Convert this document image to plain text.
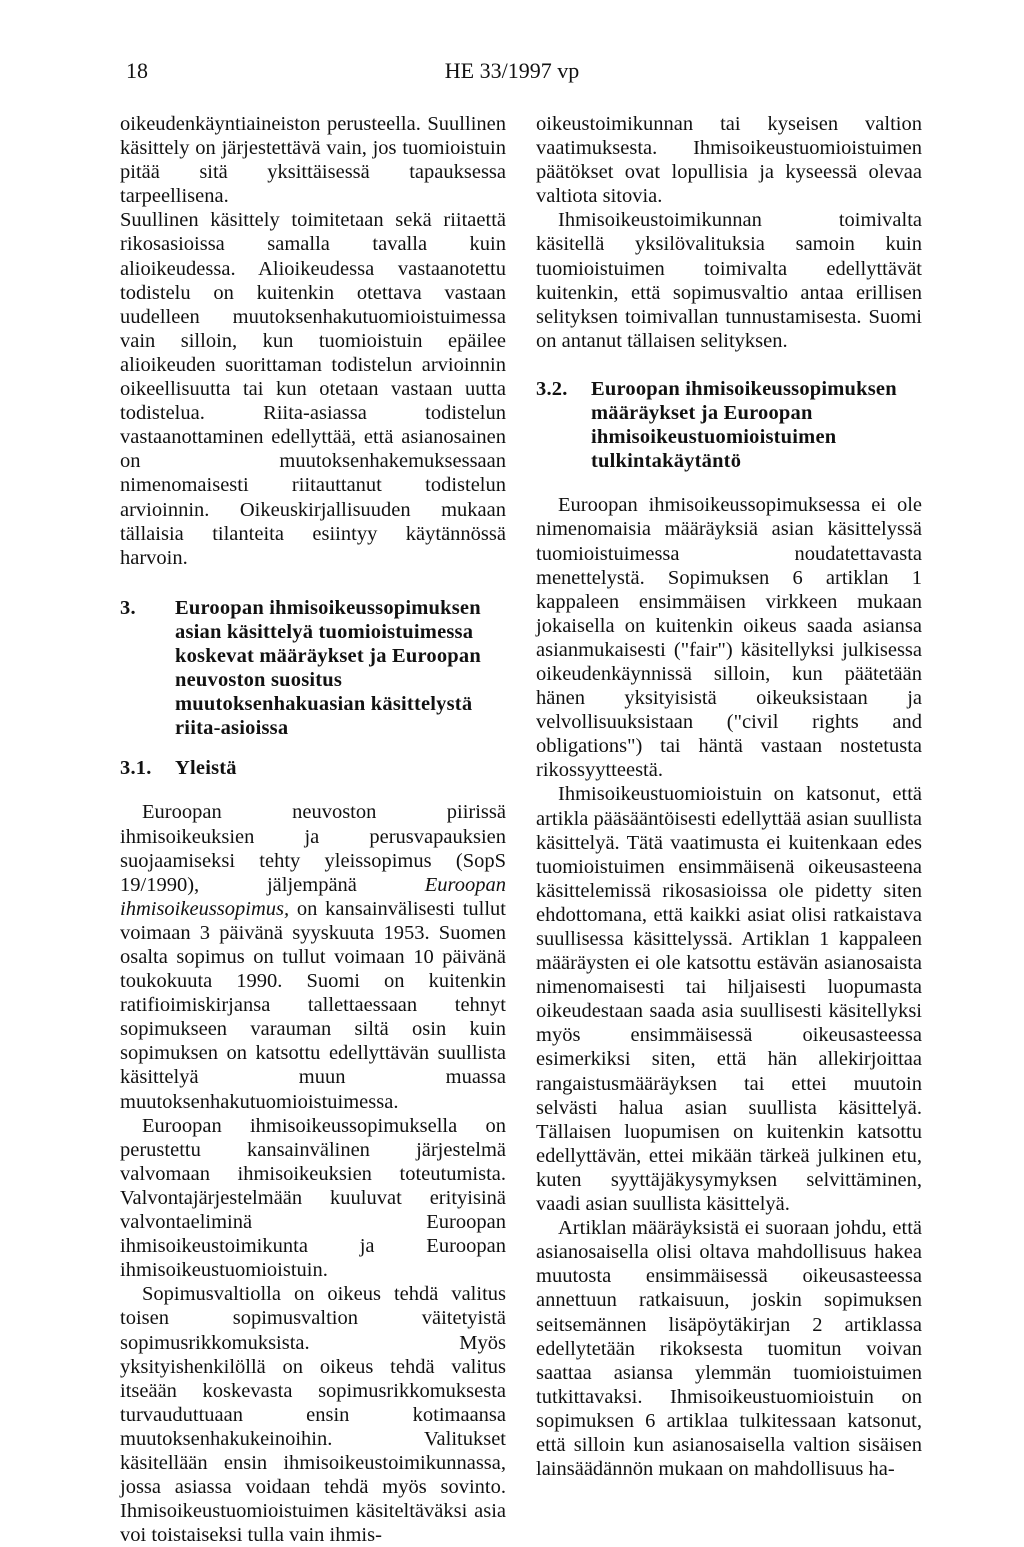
18	HE 33/1997 vp

oikeudenkäyntiaineiston perusteella. Suullinen käsittely on järjestettävä vain, jos tuomioistuin pitää sitä yksittäisessä tapauksessa tarpeellisena.

Suullinen käsittely toimitetaan sekä riitaettä rikosasioissa samalla tavalla kuin alioikeudessa. Alioikeudessa vastaanotettu todistelu on kuitenkin otettava vastaan uudelleen muutoksenhakutuomioistuimessa vain silloin, kun tuomioistuin epäilee alioikeuden suorittaman todistelun arvioinnin oikeellisuutta tai kun otetaan vastaan uutta todistelua. Riita-asiassa todistelun vastaanottaminen edellyttää, että asianosainen on muutoksenhakemuksessaan nimenomaisesti riitauttanut todistelun arvioinnin. Oikeuskirjallisuuden mukaan tällaisia tilanteita esiintyy käytännössä harvoin.

3.	Euroopan ihmisoikeussopimuksen asian käsittelyä tuomioistuimessa koskevat määräykset ja Euroopan neuvoston suositus muutoksenhakuasian käsittelystä riita-asioissa
3.1.	Yleistä

Euroopan neuvoston piirissä ihmisoikeuksien ja perusvapauksien suojaamiseksi tehty yleissopimus (SopS 19/1990), jäljempänä	Euroopan ihmisoikeussopimus, on kansainvälisesti tullut voimaan 3 päivänä syyskuuta 1953. Suomen osalta sopimus on tullut voimaan 10 päivänä toukokuuta 1990. Suomi on kuitenkin ratifioimiskirjansa tallettaessaan tehnyt sopimukseen varauman siltä osin kuin sopimuksen on katsottu edellyttävän suullista käsittelyä muun muassa muutoksenhakutuomioistuimessa.

Euroopan ihmisoikeussopimuksella on perustettu kansainvälinen järjestelmä valvomaan ihmisoikeuksien toteutumista. Valvontajärjestelmään kuuluvat erityisinä valvontaeliminä Euroopan ihmisoikeustoimikunta ja Euroopan ihmisoikeustuomioistuin.

Sopimusvaltiolla on oikeus tehdä valitus toisen sopimusvaltion väitetyistä sopimusrikkomuksista. Myös yksityishenkilöllä on oikeus tehdä valitus itseään koskevasta sopimusrikkomuksesta turvauduttuaan ensin kotimaansa muutoksenhakukeinoihin. Valitukset käsitellään ensin ihmisoikeustoimikunnassa, jossa asiassa voidaan tehdä myös sovinto. Ihmisoikeustuomioistuimen käsiteltäväksi asia voi toistaiseksi tulla vain ihmis-

oikeustoimikunnan tai kyseisen valtion vaatimuksesta. Ihmisoikeustuomioistuimen päätökset ovat lopullisia ja kyseessä olevaa valtiota sitovia.

Ihmisoikeustoimikunnan toimivalta käsitellä yksilövalituksia samoin kuin tuomioistuimen toimivalta edellyttävät kuitenkin, että sopimusvaltio antaa erillisen selityksen toimivallan tunnustamisesta. Suomi on antanut tällaisen selityksen.

3.2.	Euroopan ihmisoikeussopimuksen määräykset ja Euroopan ihmisoikeustuomioistuimen tulkintakäytäntö

Euroopan ihmisoikeussopimuksessa ei ole nimenomaisia määräyksiä asian käsittelyssä tuomioistuimessa noudatettavasta menettelystä. Sopimuksen 6 artiklan 1 kappaleen ensimmäisen virkkeen mukaan jokaisella on kuitenkin oikeus saada asiansa asianmukaisesti ("fair") käsitellyksi julkisessa oikeudenkäynnissä silloin, kun päätetään hänen yksityisistä oikeuksistaan ja velvollisuuksistaan ("civil rights and obligations") tai häntä vastaan nostetusta rikossyytteestä.

Ihmisoikeustuomioistuin on katsonut, että artikla pääsääntöisesti edellyttää asian suullista käsittelyä. Tätä vaatimusta ei kuitenkaan edes tuomioistuimen ensimmäisenä oikeusasteena käsittelemissä rikosasioissa ole pidetty siten ehdottomana, että kaikki asiat olisi ratkaistava suullisessa käsittelyssä. Artiklan 1 kappaleen määräysten ei ole katsottu estävän asianosaista nimenomaisesti tai hiljaisesti luopumasta oikeudestaan saada asia suullisesti käsitellyksi myös ensimmäisessä oikeusasteessa esimerkiksi siten, että hän allekirjoittaa rangaistusmääräyksen tai ettei muutoin selvästi halua asian suullista käsittelyä. Tällaisen luopumisen on kuitenkin katsottu edellyttävän, ettei mikään tärkeä julkinen etu, kuten syyttäjäkysymyksen selvittäminen, vaadi asian suullista käsittelyä.

Artiklan määräyksistä ei suoraan johdu, että asianosaisella olisi oltava mahdollisuus hakea muutosta ensimmäisessä oikeusasteessa annettuun ratkaisuun, joskin sopimuksen seitsemännen lisäpöytäkirjan 2 artiklassa edellytetään rikoksesta tuomitun voivan saattaa asiansa ylemmän tuomioistuimen tutkittavaksi. Ihmisoikeustuomioistuin on sopimuksen 6 artiklaa tulkitessaan katsonut, että silloin kun asianosaisella valtion sisäisen lainsäädännön mukaan on mahdollisuus ha-
